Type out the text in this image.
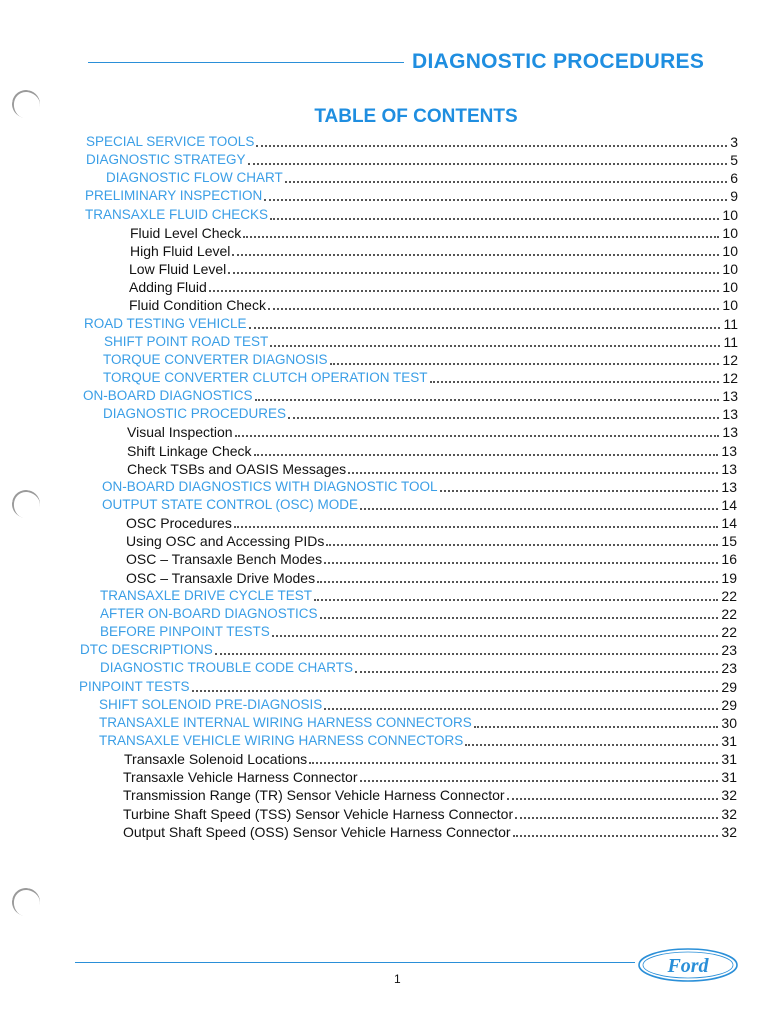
DIAGNOSTIC PROCEDURES
TABLE OF CONTENTS
SPECIAL SERVICE TOOLS	3
DIAGNOSTIC STRATEGY	5
DIAGNOSTIC FLOW CHART	6
PRELIMINARY INSPECTION	9
TRANSAXLE FLUID CHECKS	10
Fluid Level Check	10
High Fluid Level	10
Low Fluid Level	10
Adding Fluid	10
Fluid Condition Check	10
ROAD TESTING VEHICLE	11
SHIFT POINT ROAD TEST	11
TORQUE CONVERTER DIAGNOSIS	12
TORQUE CONVERTER CLUTCH OPERATION TEST	12
ON-BOARD DIAGNOSTICS	13
DIAGNOSTIC PROCEDURES	13
Visual Inspection	13
Shift Linkage Check	13
Check TSBs and OASIS Messages	13
ON-BOARD DIAGNOSTICS WITH DIAGNOSTIC TOOL	13
OUTPUT STATE CONTROL (OSC) MODE	14
OSC Procedures	14
Using OSC and Accessing PIDs	15
OSC – Transaxle Bench Modes	16
OSC – Transaxle Drive Modes	19
TRANSAXLE DRIVE CYCLE TEST	22
AFTER ON-BOARD DIAGNOSTICS	22
BEFORE PINPOINT TESTS	22
DTC DESCRIPTIONS	23
DIAGNOSTIC TROUBLE CODE CHARTS	23
PINPOINT TESTS	29
SHIFT SOLENOID PRE-DIAGNOSIS	29
TRANSAXLE INTERNAL WIRING HARNESS CONNECTORS	30
TRANSAXLE VEHICLE WIRING HARNESS CONNECTORS	31
Transaxle Solenoid Locations	31
Transaxle Vehicle Harness Connector	31
Transmission Range (TR) Sensor Vehicle Harness Connector	32
Turbine Shaft Speed (TSS) Sensor Vehicle Harness Connector	32
Output Shaft Speed (OSS) Sensor Vehicle Harness Connector	32
1
Ford
